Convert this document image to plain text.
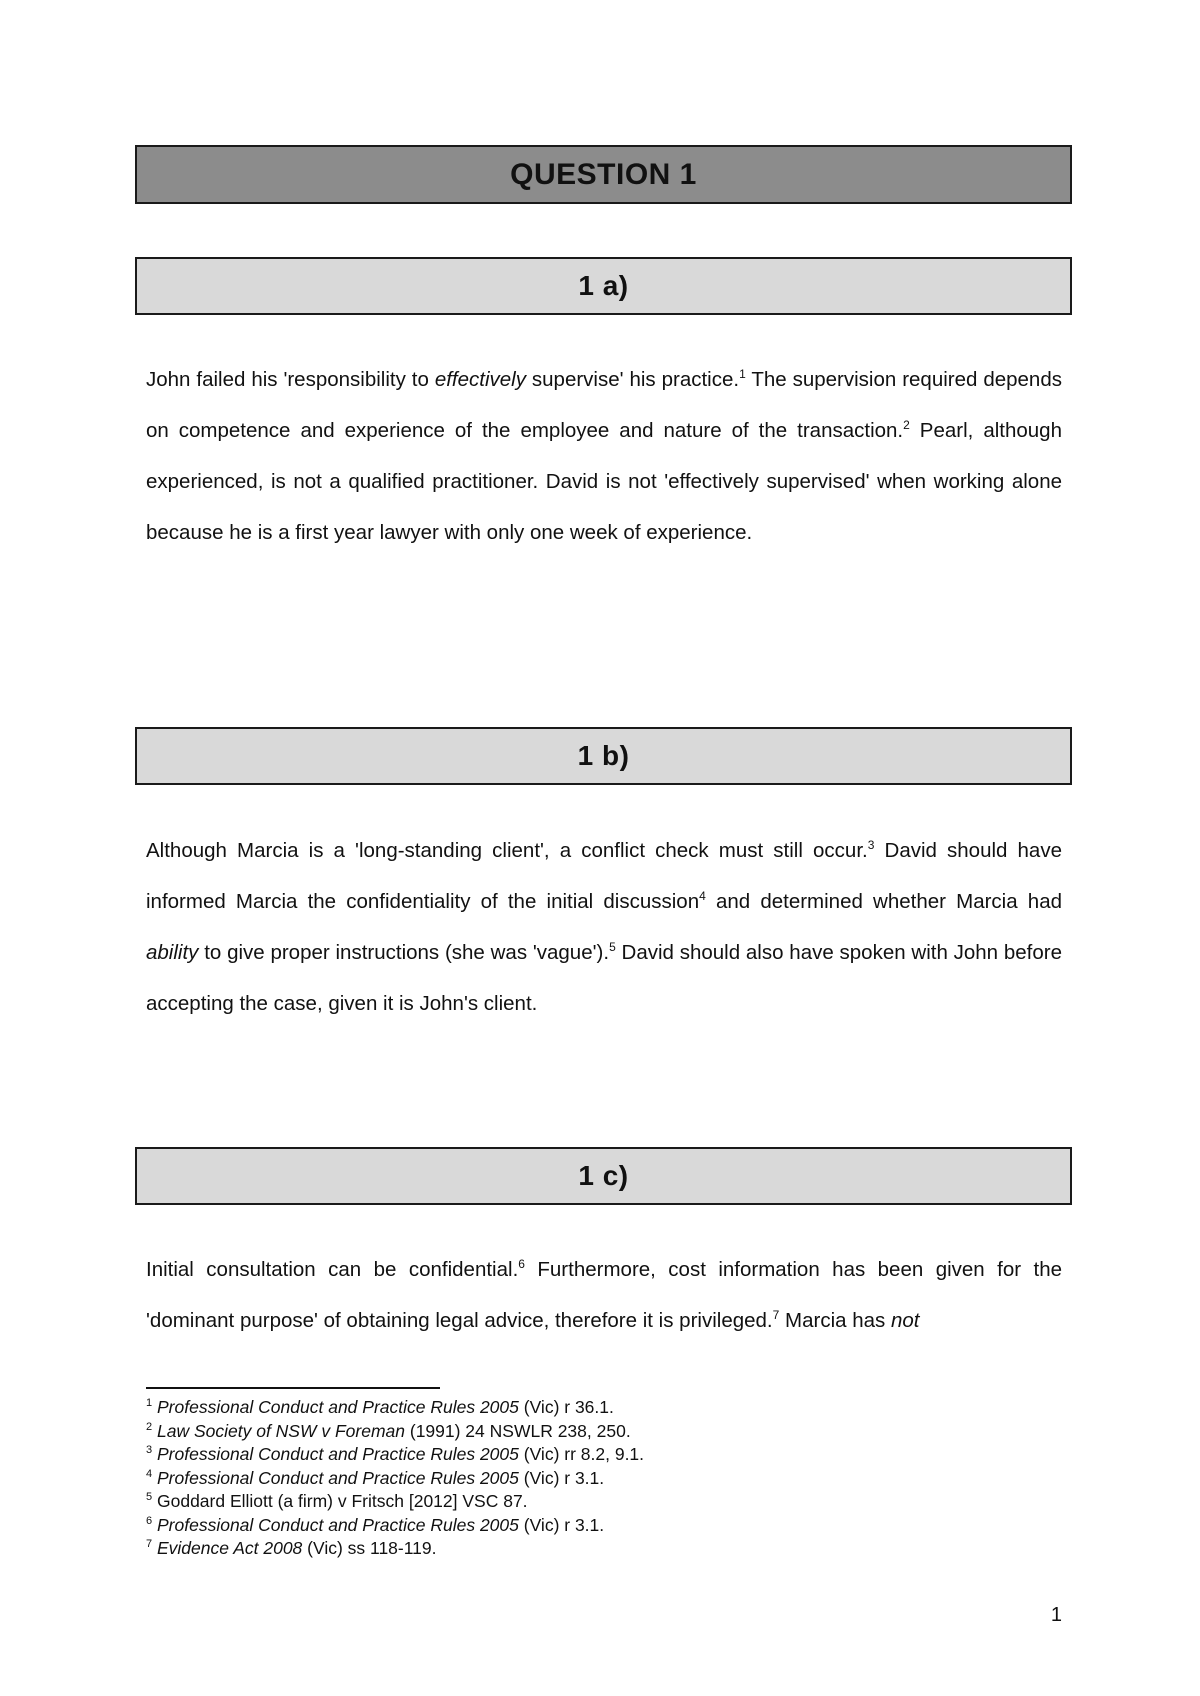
QUESTION 1
1 a)

John failed his 'responsibility to effectively supervise' his practice.$^1$ The supervision required depends on competence and experience of the employee and nature of the transaction.$^2$ Pearl, although experienced, is not a qualified practitioner. David is not 'effectively supervised' when working alone because he is a first year lawyer with only one week of experience.

1 b)

Although Marcia is a 'long-standing client', a conflict check must still occur.$^3$ David should have informed Marcia the confidentiality of the initial discussion$^4$ and determined whether Marcia had ability to give proper instructions (she was 'vague').$^5$ David should also have spoken with John before accepting the case, given it is John's client.

1 c)

Initial consultation can be confidential.$^6$ Furthermore, cost information has been given for the 'dominant purpose' of obtaining legal advice, therefore it is privileged.$^7$ Marcia has not

$^1$ Professional Conduct and Practice Rules 2005 (Vic) r 36.1.
$^2$ Law Society of NSW v Foreman (1991) 24 NSWLR 238, 250.
$^3$ Professional Conduct and Practice Rules 2005 (Vic) rr 8.2, 9.1.
$^4$ Professional Conduct and Practice Rules 2005 (Vic) r 3.1.
$^5$ Goddard Elliott (a firm) v Fritsch [2012] VSC 87.
$^6$ Professional Conduct and Practice Rules 2005 (Vic) r 3.1.
$^7$ Evidence Act 2008 (Vic) ss 118-119.
1
